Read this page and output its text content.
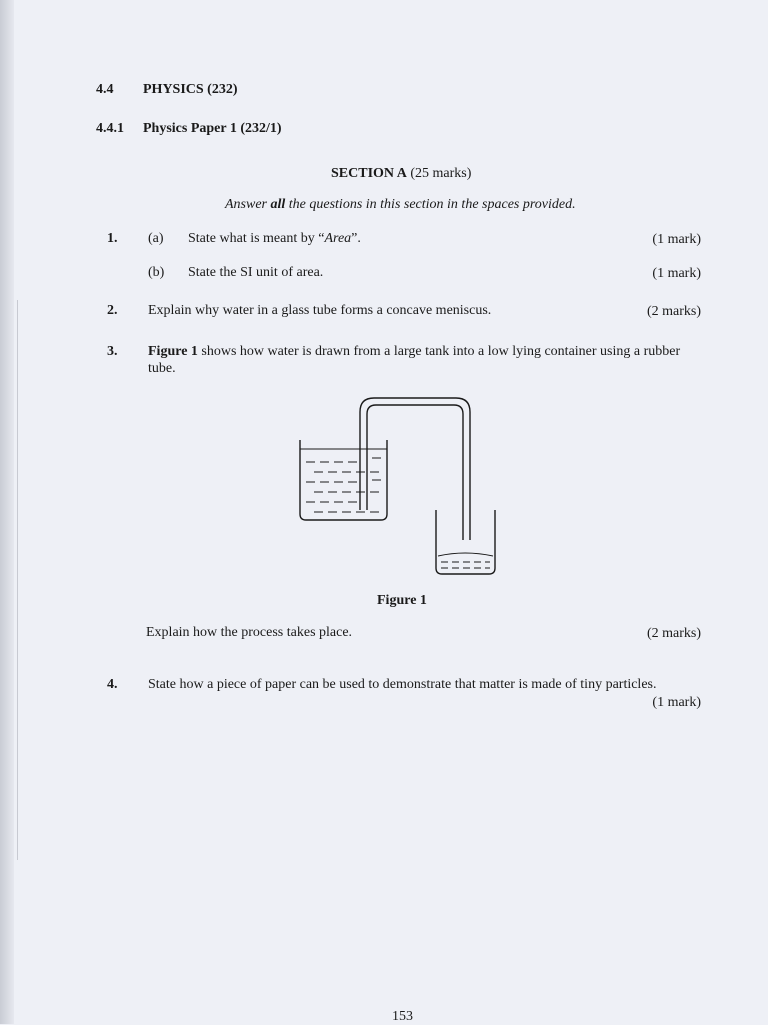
4.4 PHYSICS (232)
4.4.1 Physics Paper 1 (232/1)
SECTION A (25 marks)
Answer all the questions in this section in the spaces provided.
1. (a) State what is meant by “Area”.	(1 mark)
(b) State the SI unit of area.	(1 mark)
2. Explain why water in a glass tube forms a concave meniscus.	(2 marks)
3. Figure 1 shows how water is drawn from a large tank into a low lying container using a rubber
tube.
Figure 1
Explain how the process takes place.	(2 marks)
4. State how a piece of paper can be used to demonstrate that matter is made of tiny particles.
(1 mark)
153
